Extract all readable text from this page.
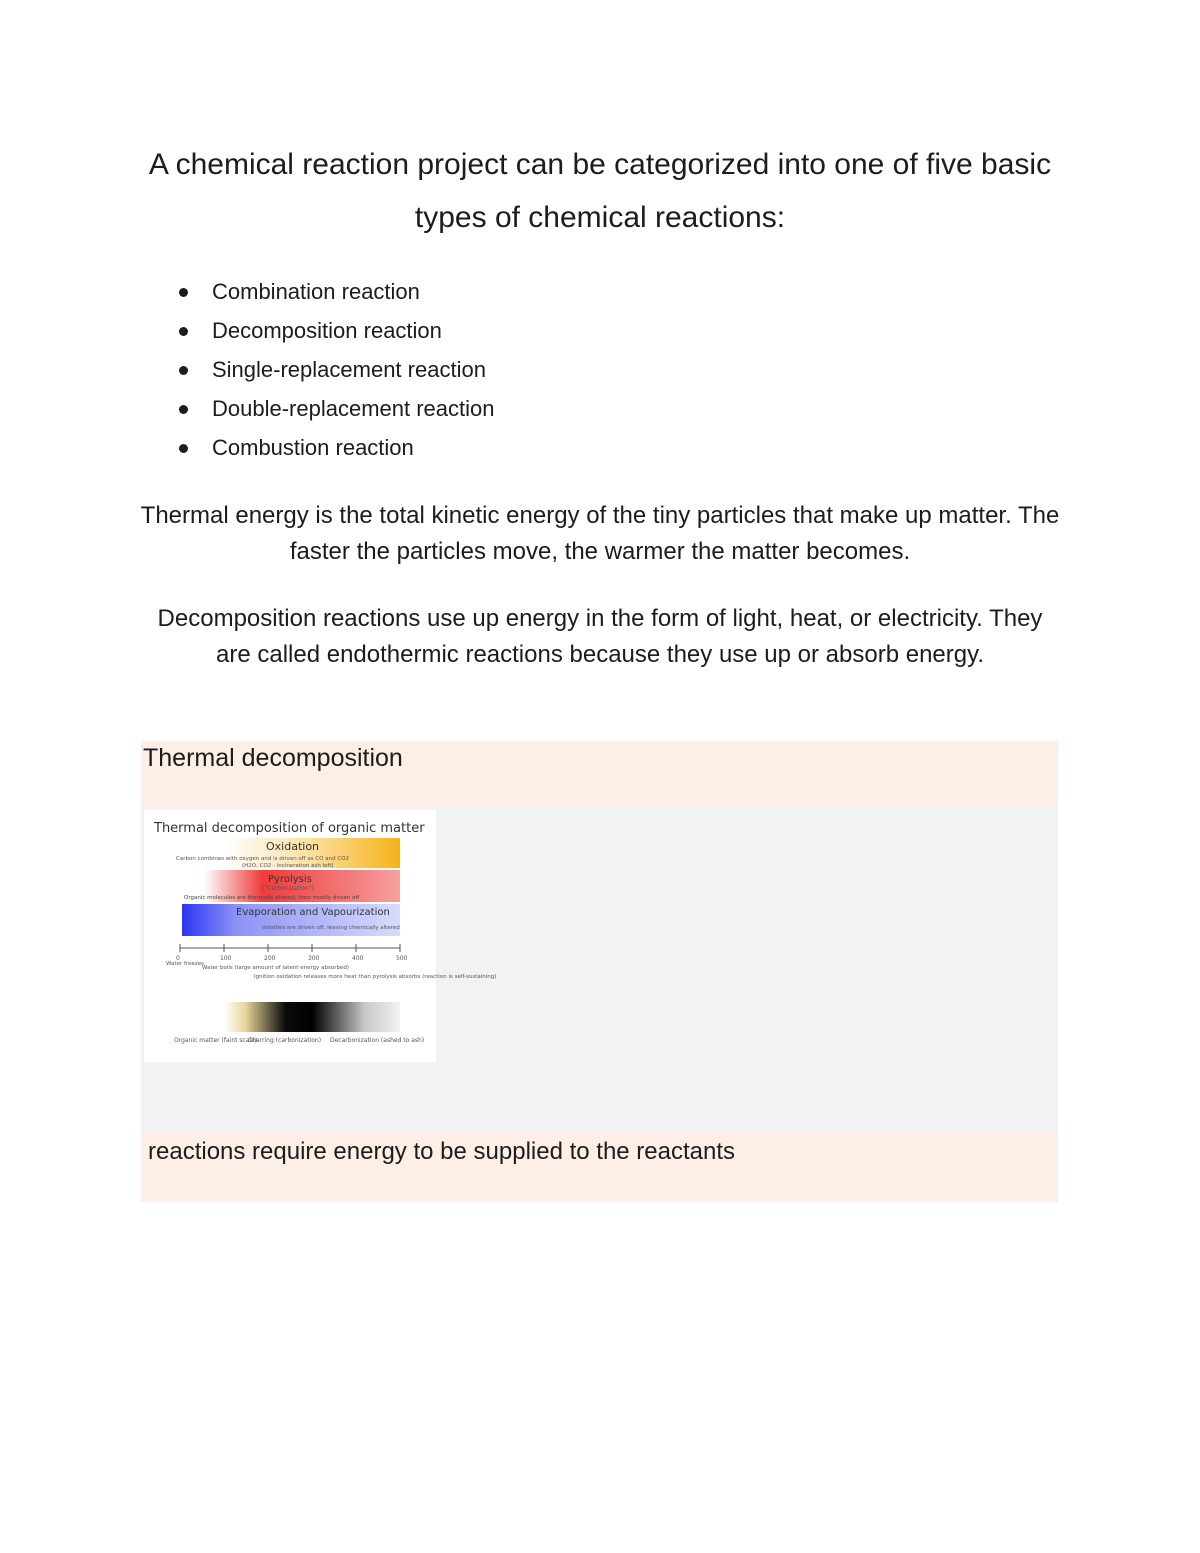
A chemical reaction project can be categorized into one of five basic types of chemical reactions:
Combination reaction
Decomposition reaction
Single-replacement reaction
Double-replacement reaction
Combustion reaction

Thermal energy is the total kinetic energy of the tiny particles that make up matter. The faster the particles move, the warmer the matter becomes.

Decomposition reactions use up energy in the form of light, heat, or electricity. They are called endothermic reactions because they use up or absorb energy.

Thermal decomposition
reactions require energy to be supplied to the reactants
Thermal decomposition of organic matter
Oxidation
Carbon combines with oxygen and is driven off as CO and CO2
(H2O, CO2 - incineration ash left)
Pyrolysis
("Carbonization")
Organic molecules are thermally altered, then mostly driven off
Evaporation and Vapourization
Volatiles are driven off, leaving chemically altered
0	100	200	300	400	500
Water freezes
Water boils (large amount of latent energy absorbed)
Ignition oxidation releases more heat than pyrolysis absorbs (reaction is self-sustaining)
Organic matter (faint scale)
Charring (carbonization) Decarbonization (ashed to ash)
